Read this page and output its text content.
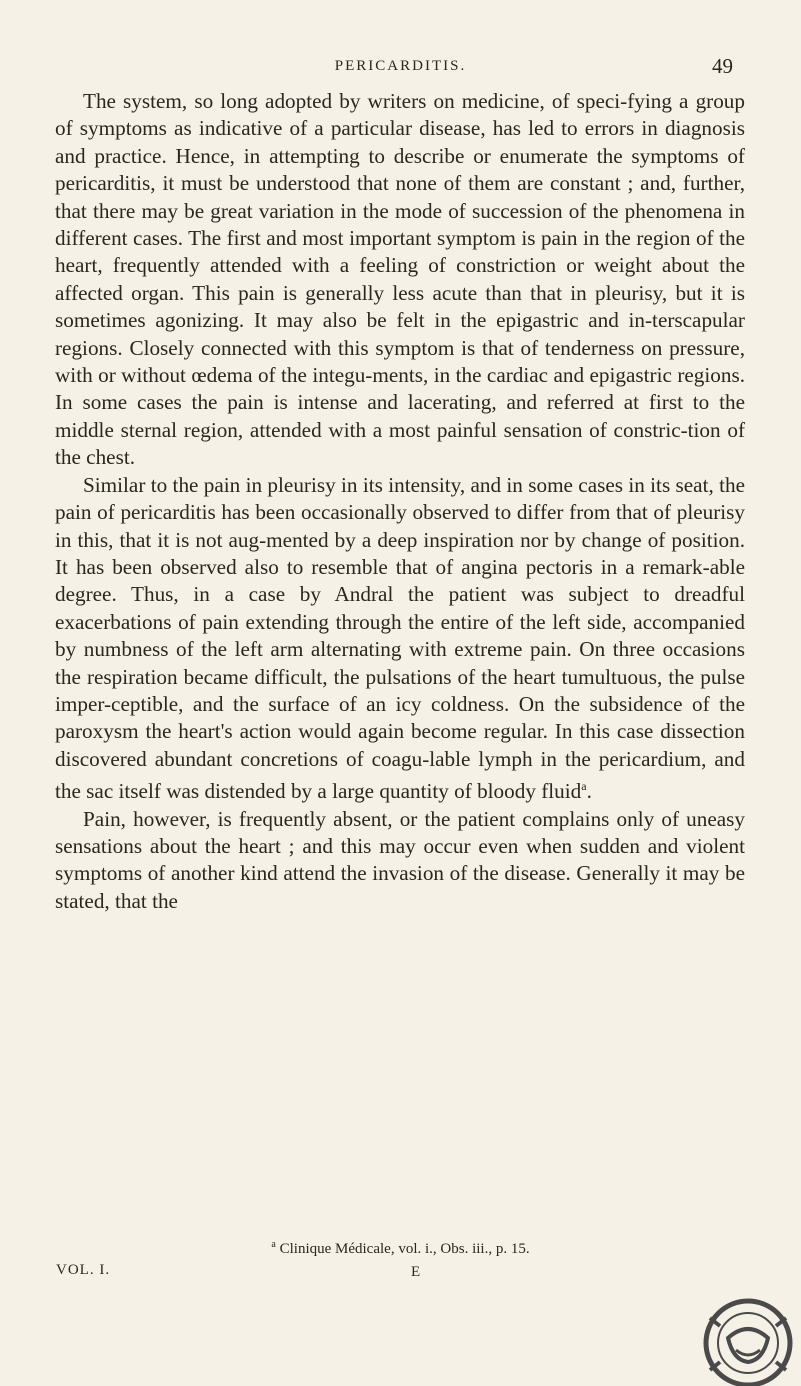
PERICARDITIS.	49

The system, so long adopted by writers on medicine, of speci-fying a group of symptoms as indicative of a particular disease, has led to errors in diagnosis and practice. Hence, in attempting to describe or enumerate the symptoms of pericarditis, it must be understood that none of them are constant ; and, further, that there may be great variation in the mode of succession of the phenomena in different cases. The first and most important symptom is pain in the region of the heart, frequently attended with a feeling of constriction or weight about the affected organ. This pain is generally less acute than that in pleurisy, but it is sometimes agonizing. It may also be felt in the epigastric and in-terscapular regions. Closely connected with this symptom is that of tenderness on pressure, with or without œdema of the integu-ments, in the cardiac and epigastric regions. In some cases the pain is intense and lacerating, and referred at first to the middle sternal region, attended with a most painful sensation of constric-tion of the chest.

Similar to the pain in pleurisy in its intensity, and in some cases in its seat, the pain of pericarditis has been occasionally observed to differ from that of pleurisy in this, that it is not aug-mented by a deep inspiration nor by change of position. It has been observed also to resemble that of angina pectoris in a remark-able degree. Thus, in a case by Andral the patient was subject to dreadful exacerbations of pain extending through the entire of the left side, accompanied by numbness of the left arm alternating with extreme pain. On three occasions the respiration became difficult, the pulsations of the heart tumultuous, the pulse imper-ceptible, and the surface of an icy coldness. On the subsidence of the paroxysm the heart's action would again become regular. In this case dissection discovered abundant concretions of coagu-lable lymph in the pericardium, and the sac itself was distended by a large quantity of bloody fluid$^a$.

Pain, however, is frequently absent, or the patient complains only of uneasy sensations about the heart ; and this may occur even when sudden and violent symptoms of another kind attend the invasion of the disease. Generally it may be stated, that the

$^a$ Clinique Médicale, vol. i., Obs. iii., p. 15.
VOL. I.	E
